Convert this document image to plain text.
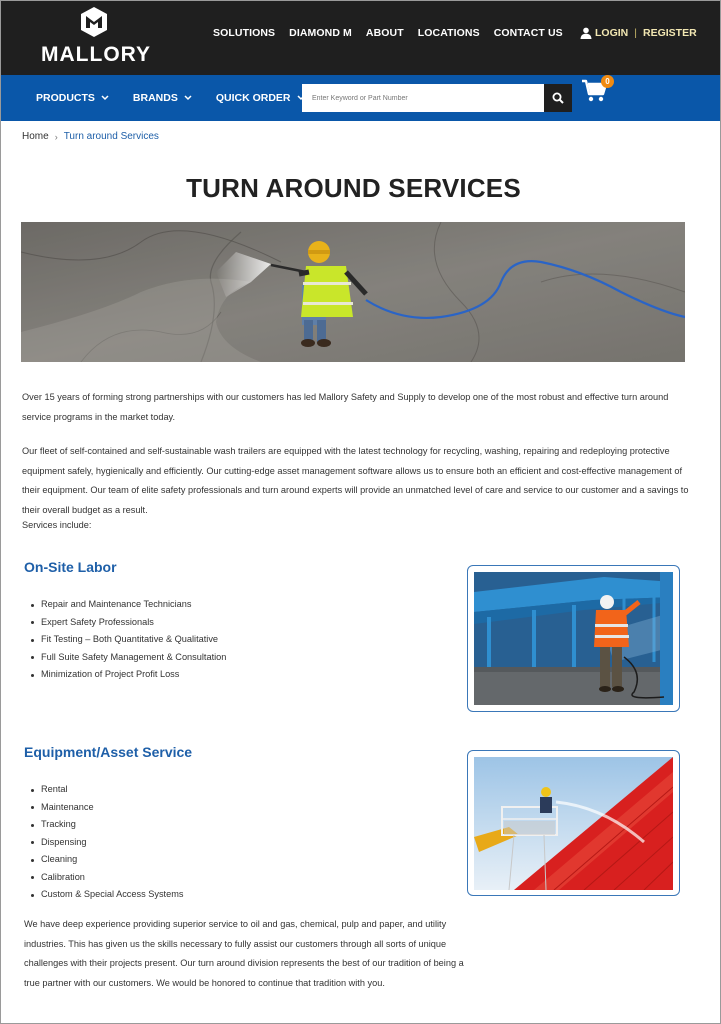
MALLORY
SOLUTIONS DIAMOND M ABOUT LOCATIONS CONTACT US	LOGIN | REGISTER
PRODUCTS	BRANDS	QUICK ORDER
Enter Keyword or Part Number
0
Home › Turn around Services
TURN AROUND SERVICES

Over 15 years of forming strong partnerships with our customers has led Mallory Safety and Supply to develop one of the most robust and effective turn around service programs in the market today.

Our fleet of self-contained and self-sustainable wash trailers are equipped with the latest technology for recycling, washing, repairing and redeploying protective equipment safely, hygienically and efficiently. Our cutting-edge asset management software allows us to ensure both an efficient and cost-effective management of their equipment. Our team of elite safety professionals and turn around experts will provide an unmatched level of care and service to our customer and a savings to their overall budget as a result.

Services include:
On-Site Labor
Repair and Maintenance Technicians
Expert Safety Professionals
Fit Testing – Both Quantitative & Qualitative
Full Suite Safety Management & Consultation
Minimization of Project Profit Loss
Equipment/Asset Service
Rental
Maintenance
Tracking
Dispensing
Cleaning
Calibration
Custom & Special Access Systems

We have deep experience providing superior service to oil and gas, chemical, pulp and paper, and utility industries. This has given us the skills necessary to fully assist our customers through all sorts of unique challenges with their projects present. Our turn around division represents the best of our tradition of being a true partner with our customers. We would be honored to continue that tradition with you.
